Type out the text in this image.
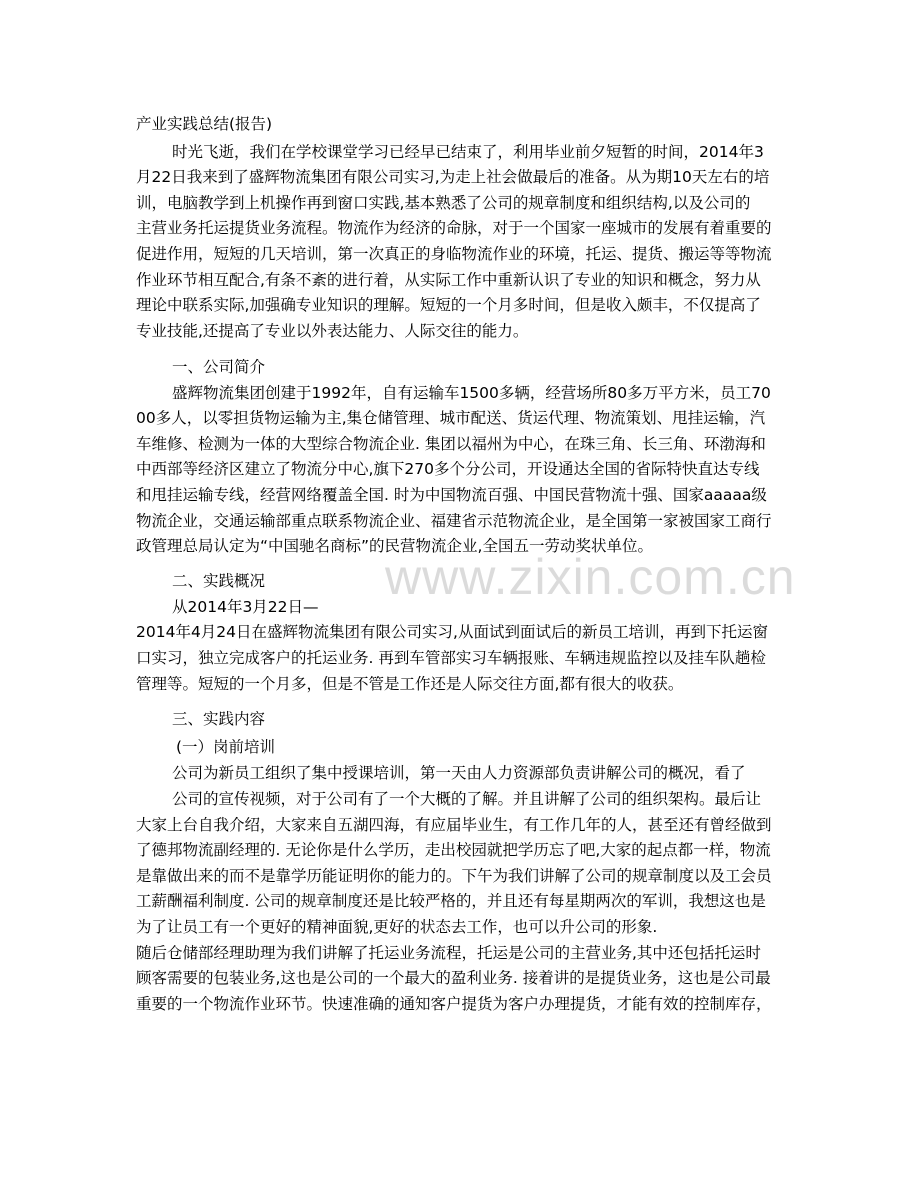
产业实践总结(报告)
时光飞逝，我们在学校课堂学习已经早已结束了，利用毕业前夕短暂的时间，2014年3
月22日我来到了盛辉物流集团有限公司实习,为走上社会做最后的准备。从为期10天左右的培
训，电脑教学到上机操作再到窗口实践,基本熟悉了公司的规章制度和组织结构,以及公司的
主营业务托运提货业务流程。物流作为经济的命脉，对于一个国家一座城市的发展有着重要的
促进作用，短短的几天培训，第一次真正的身临物流作业的环境，托运、提货、搬运等等物流
作业环节相互配合,有条不紊的进行着，从实际工作中重新认识了专业的知识和概念，努力从
理论中联系实际,加强确专业知识的理解。短短的一个月多时间，但是收入颇丰，不仅提高了
专业技能,还提高了专业以外表达能力、人际交往的能力。
一、公司简介
盛辉物流集团创建于1992年，自有运输车1500多辆，经营场所80多万平方米，员工70
00多人，以零担货物运输为主,集仓储管理、城市配送、货运代理、物流策划、甩挂运输，汽
车维修、检测为一体的大型综合物流企业. 集团以福州为中心，在珠三角、长三角、环渤海和
中西部等经济区建立了物流分中心,旗下270多个分公司，开设通达全国的省际特快直达专线
和甩挂运输专线，经营网络覆盖全国. 时为中国物流百强、中国民营物流十强、国家aaaaa级
物流企业，交通运输部重点联系物流企业、福建省示范物流企业，是全国第一家被国家工商行
政管理总局认定为“中国驰名商标”的民营物流企业,全国五一劳动奖状单位。
二、实践概况
从2014年3月22日—
2014年4月24日在盛辉物流集团有限公司实习,从面试到面试后的新员工培训，再到下托运窗
口实习，独立完成客户的托运业务. 再到车管部实习车辆报账、车辆违规监控以及挂车队趟检
管理等。短短的一个月多，但是不管是工作还是人际交往方面,都有很大的收获。
三、实践内容
(一）岗前培训
公司为新员工组织了集中授课培训，第一天由人力资源部负责讲解公司的概况，看了
公司的宣传视频，对于公司有了一个大概的了解。并且讲解了公司的组织架构。最后让
大家上台自我介绍，大家来自五湖四海，有应届毕业生，有工作几年的人，甚至还有曾经做到
了德邦物流副经理的. 无论你是什么学历，走出校园就把学历忘了吧,大家的起点都一样，物流
是靠做出来的而不是靠学历能证明你的能力的。下午为我们讲解了公司的规章制度以及工会员
工薪酬福利制度. 公司的规章制度还是比较严格的，并且还有每星期两次的军训，我想这也是
为了让员工有一个更好的精神面貌,更好的状态去工作，也可以升公司的形象.
随后仓储部经理助理为我们讲解了托运业务流程，托运是公司的主营业务,其中还包括托运时
顾客需要的包装业务,这也是公司的一个最大的盈利业务. 接着讲的是提货业务，这也是公司最
重要的一个物流作业环节。快速准确的通知客户提货为客户办理提货，才能有效的控制库存，
www.zixin.com.cn
